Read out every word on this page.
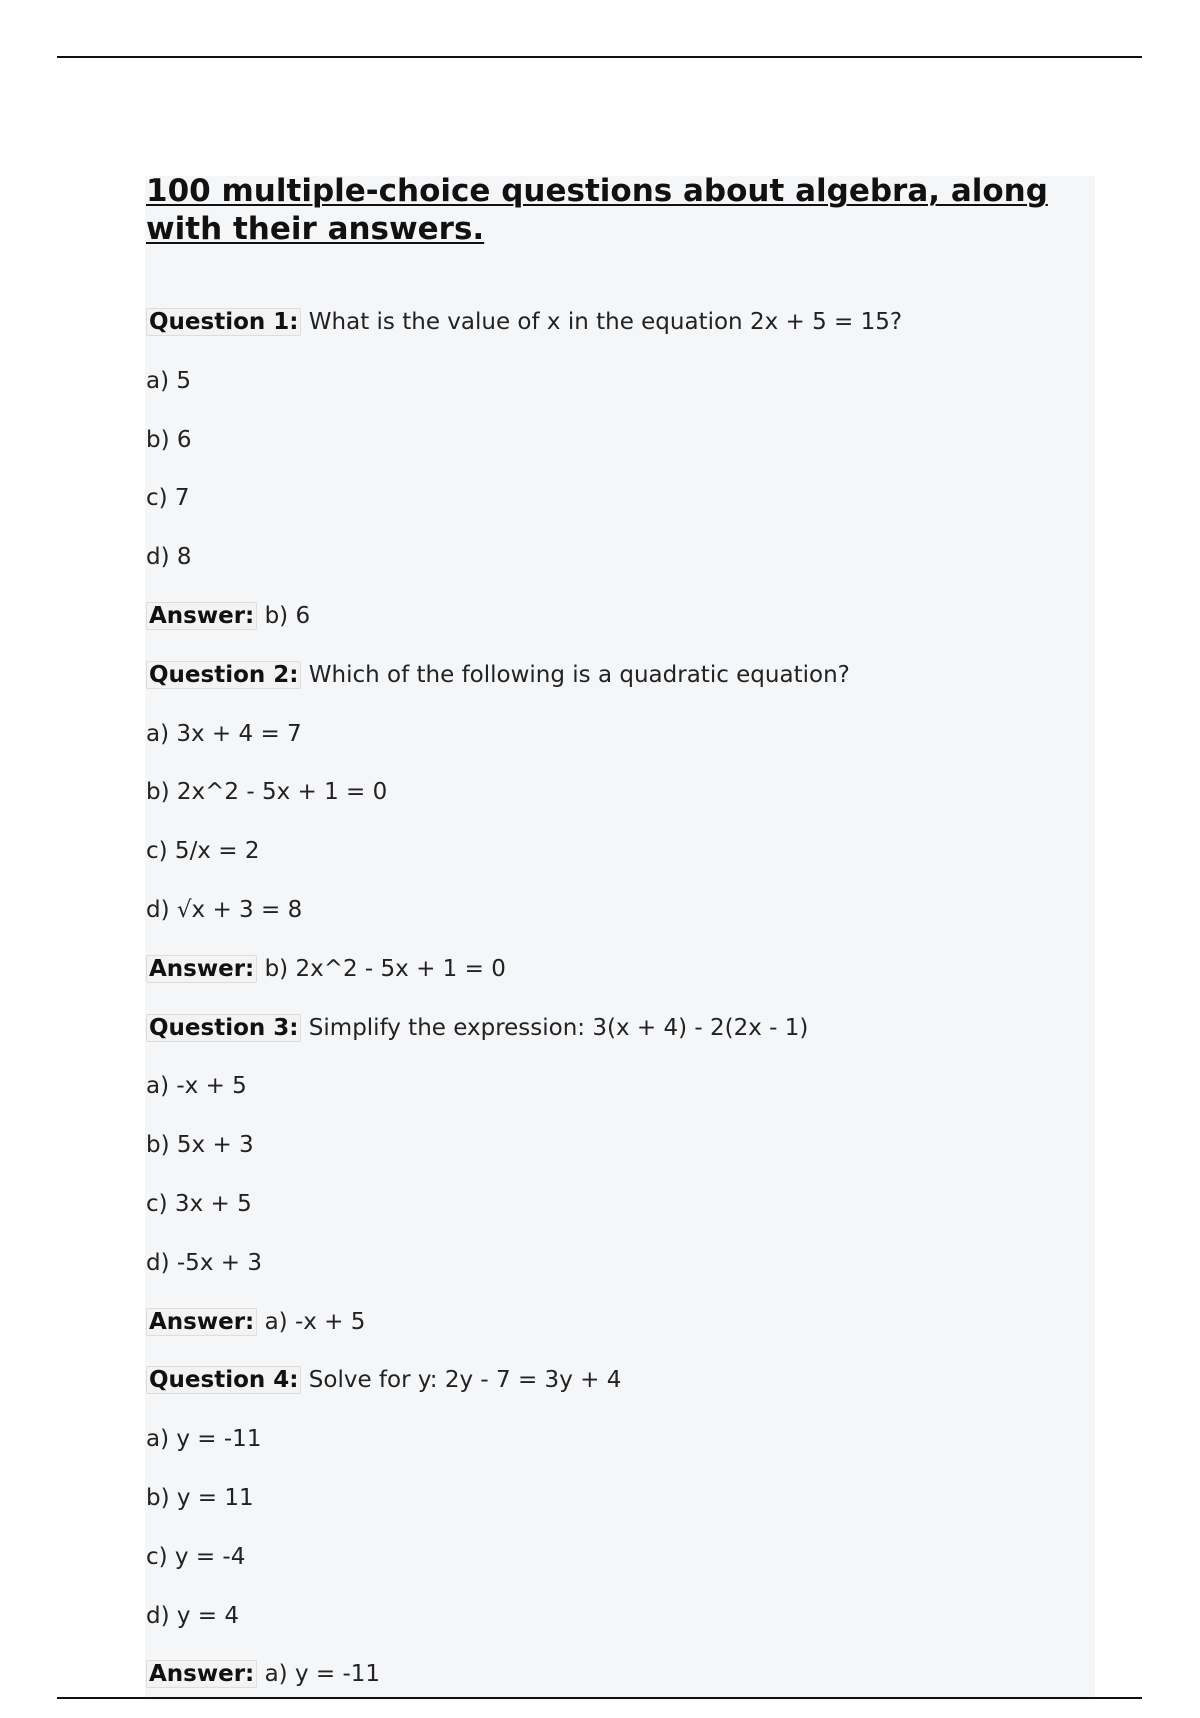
100 multiple-choice questions about algebra, along with their answers.
Question 1: What is the value of x in the equation 2x + 5 = 15?
a) 5
b) 6
c) 7
d) 8
Answer: b) 6
Question 2: Which of the following is a quadratic equation?
a) 3x + 4 = 7
b) 2x^2 - 5x + 1 = 0
c) 5/x = 2
d) √x + 3 = 8
Answer: b) 2x^2 - 5x + 1 = 0
Question 3: Simplify the expression: 3(x + 4) - 2(2x - 1)
a) -x + 5
b) 5x + 3
c) 3x + 5
d) -5x + 3
Answer: a) -x + 5
Question 4: Solve for y: 2y - 7 = 3y + 4
a) y = -11
b) y = 11
c) y = -4
d) y = 4
Answer: a) y = -11
